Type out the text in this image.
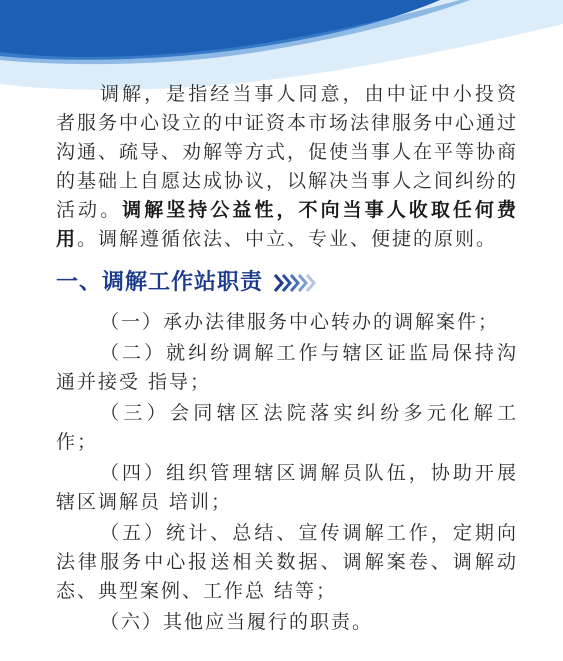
调解，是指经当事人同意，由中证中小投资者服务中心设立的中证资本市场法律服务中心通过沟通、疏导、劝解等方式，促使当事人在平等协商的基础上自愿达成协议，以解决当事人之间纠纷的活动。调解坚持公益性，不向当事人收取任何费用。调解遵循依法、中立、专业、便捷的原则。

一、调解工作站职责
（一）承办法律服务中心转办的调解案件；
（二）就纠纷调解工作与辖区证监局保持沟通并接受 指导；
（三）会同辖区法院落实纠纷多元化解工作；
（四）组织管理辖区调解员队伍，协助开展辖区调解员 培训；
（五）统计、总结、宣传调解工作，定期向法律服务中心报送相关数据、调解案卷、调解动态、典型案例、工作总 结等；
（六）其他应当履行的职责。
